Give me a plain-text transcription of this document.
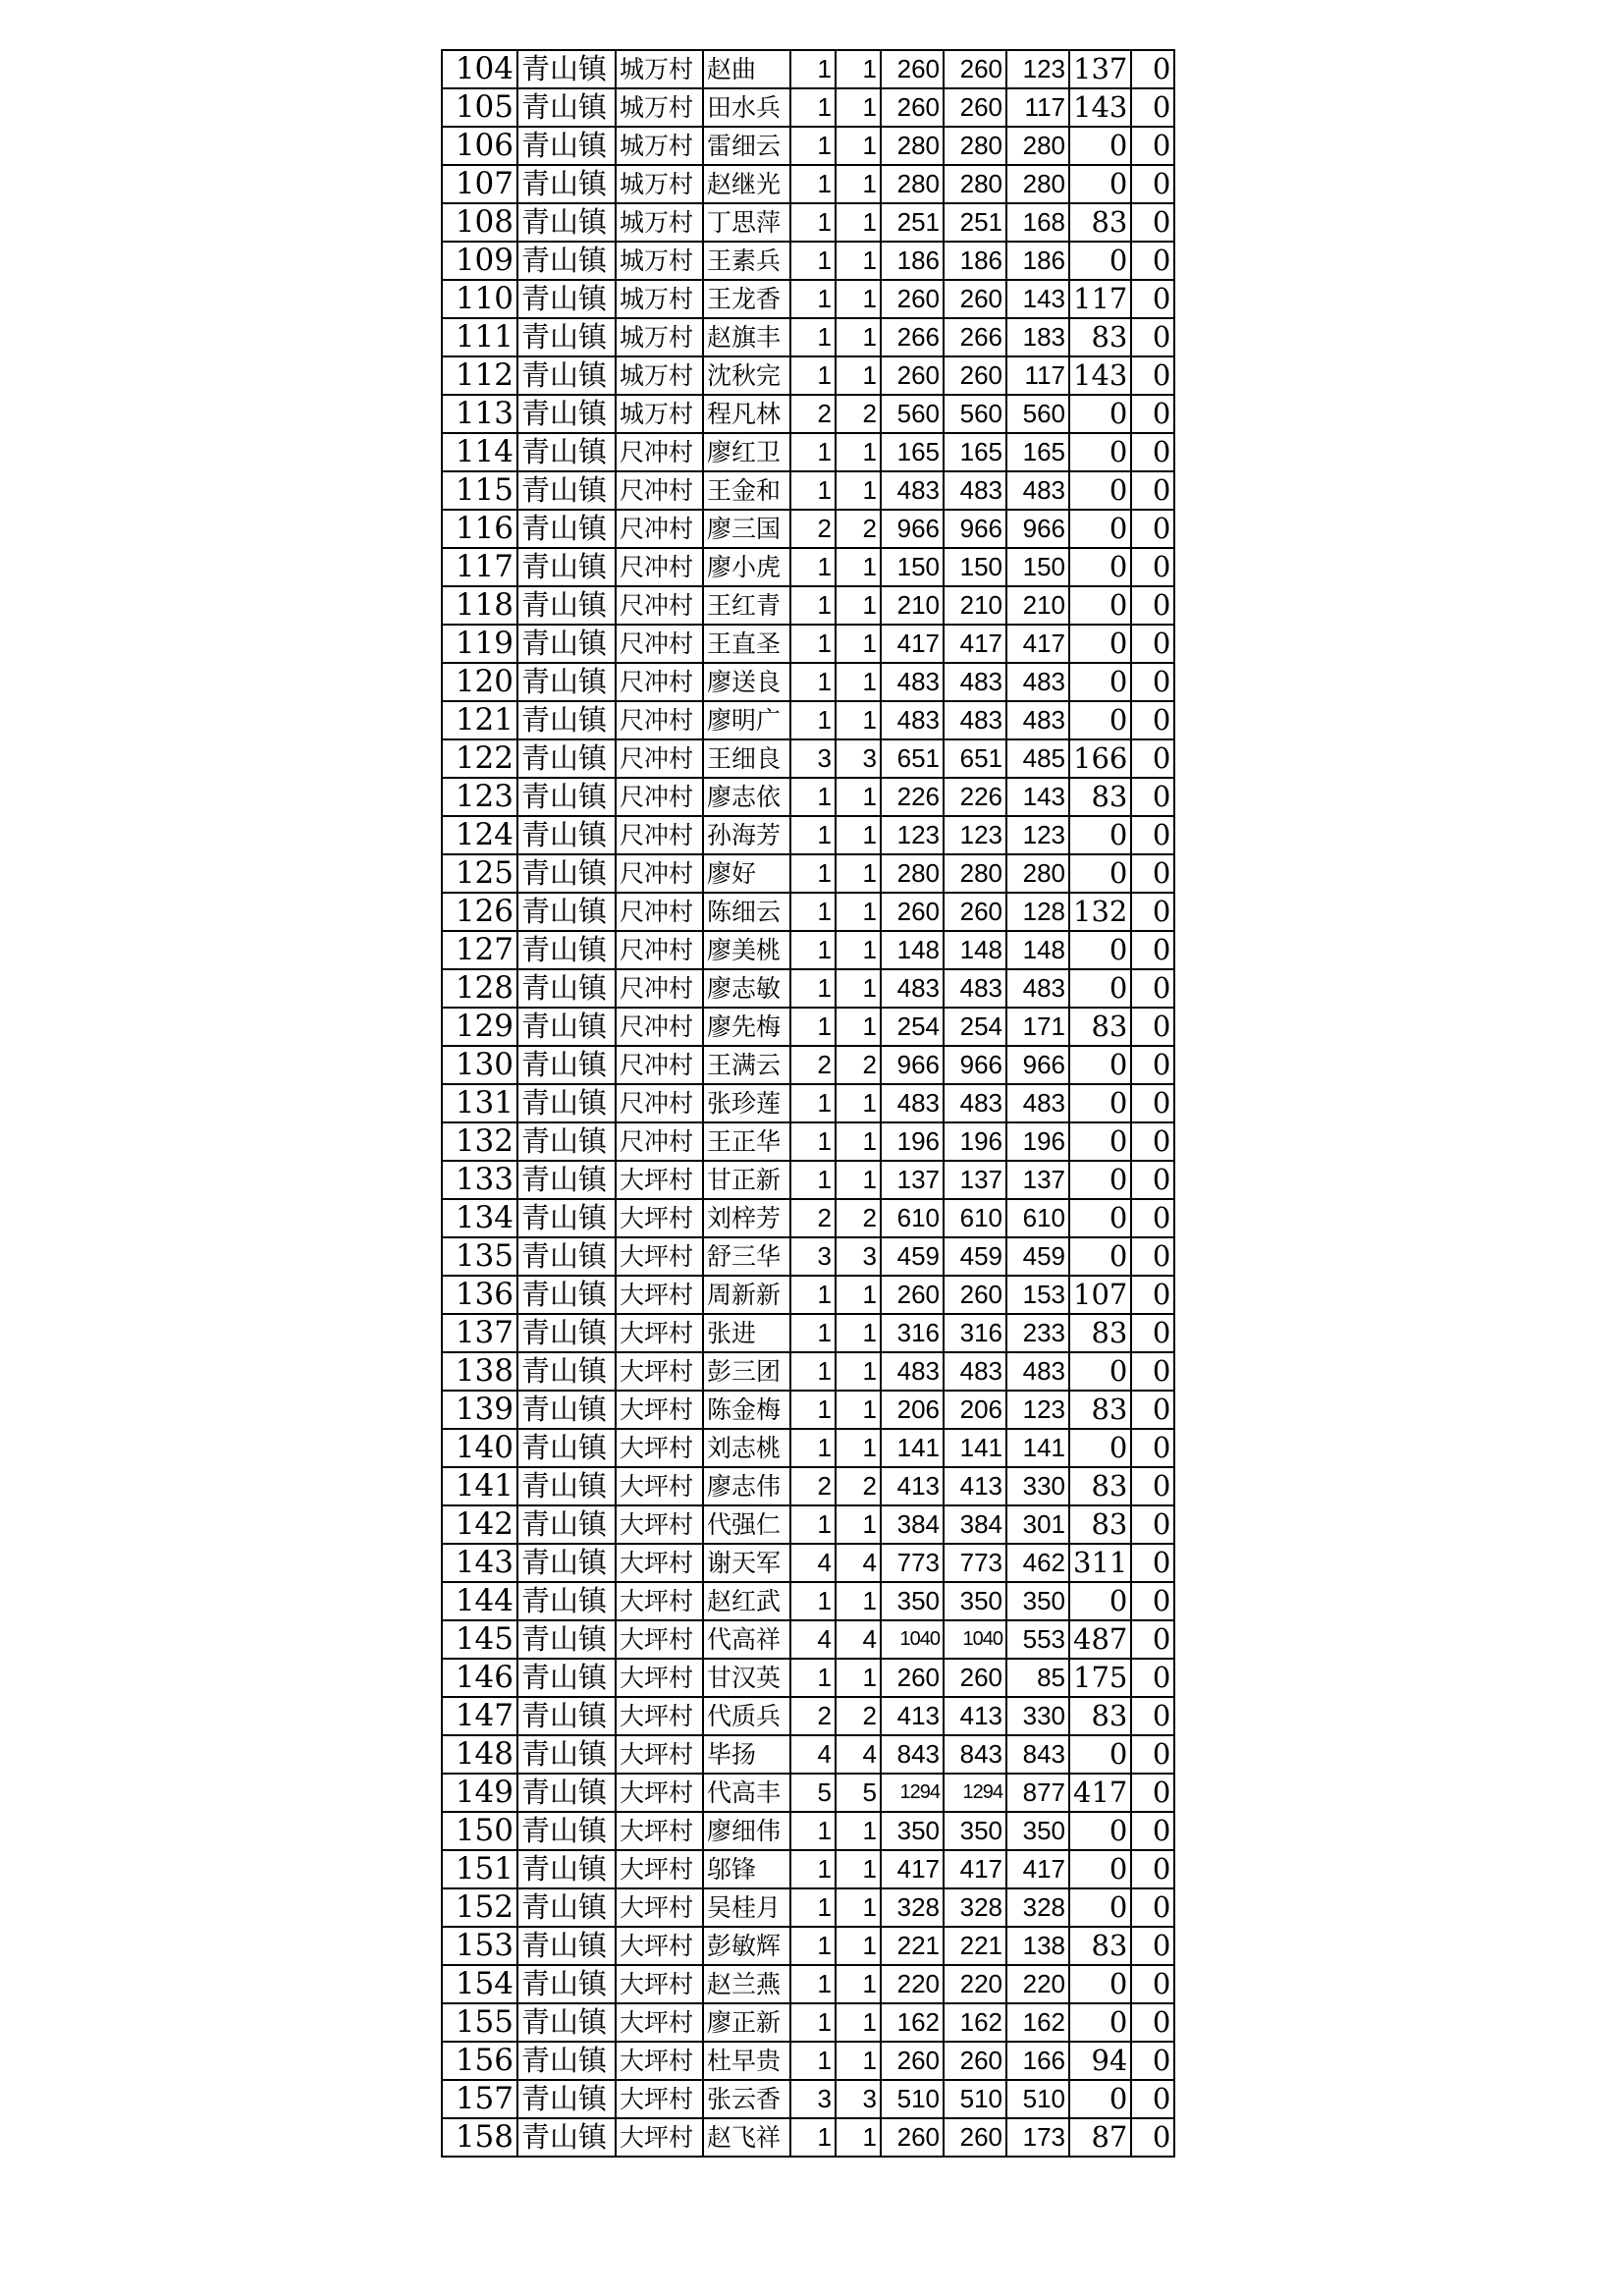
104	青山镇	城万村	赵曲	1	1	260	260	123	137	0
105	青山镇	城万村	田水兵	1	1	260	260	117	143	0
106	青山镇	城万村	雷细云	1	1	280	280	280	0	0
107	青山镇	城万村	赵继光	1	1	280	280	280	0	0
108	青山镇	城万村	丁思萍	1	1	251	251	168	83	0
109	青山镇	城万村	王素兵	1	1	186	186	186	0	0
110	青山镇	城万村	王龙香	1	1	260	260	143	117	0
111	青山镇	城万村	赵旗丰	1	1	266	266	183	83	0
112	青山镇	城万村	沈秋完	1	1	260	260	117	143	0
113	青山镇	城万村	程凡林	2	2	560	560	560	0	0
114	青山镇	尺冲村	廖红卫	1	1	165	165	165	0	0
115	青山镇	尺冲村	王金和	1	1	483	483	483	0	0
116	青山镇	尺冲村	廖三国	2	2	966	966	966	0	0
117	青山镇	尺冲村	廖小虎	1	1	150	150	150	0	0
118	青山镇	尺冲村	王红青	1	1	210	210	210	0	0
119	青山镇	尺冲村	王直圣	1	1	417	417	417	0	0
120	青山镇	尺冲村	廖送良	1	1	483	483	483	0	0
121	青山镇	尺冲村	廖明广	1	1	483	483	483	0	0
122	青山镇	尺冲村	王细良	3	3	651	651	485	166	0
123	青山镇	尺冲村	廖志依	1	1	226	226	143	83	0
124	青山镇	尺冲村	孙海芳	1	1	123	123	123	0	0
125	青山镇	尺冲村	廖好	1	1	280	280	280	0	0
126	青山镇	尺冲村	陈细云	1	1	260	260	128	132	0
127	青山镇	尺冲村	廖美桃	1	1	148	148	148	0	0
128	青山镇	尺冲村	廖志敏	1	1	483	483	483	0	0
129	青山镇	尺冲村	廖先梅	1	1	254	254	171	83	0
130	青山镇	尺冲村	王满云	2	2	966	966	966	0	0
131	青山镇	尺冲村	张珍莲	1	1	483	483	483	0	0
132	青山镇	尺冲村	王正华	1	1	196	196	196	0	0
133	青山镇	大坪村	甘正新	1	1	137	137	137	0	0
134	青山镇	大坪村	刘梓芳	2	2	610	610	610	0	0
135	青山镇	大坪村	舒三华	3	3	459	459	459	0	0
136	青山镇	大坪村	周新新	1	1	260	260	153	107	0
137	青山镇	大坪村	张进	1	1	316	316	233	83	0
138	青山镇	大坪村	彭三团	1	1	483	483	483	0	0
139	青山镇	大坪村	陈金梅	1	1	206	206	123	83	0
140	青山镇	大坪村	刘志桃	1	1	141	141	141	0	0
141	青山镇	大坪村	廖志伟	2	2	413	413	330	83	0
142	青山镇	大坪村	代强仁	1	1	384	384	301	83	0
143	青山镇	大坪村	谢天军	4	4	773	773	462	311	0
144	青山镇	大坪村	赵红武	1	1	350	350	350	0	0
145	青山镇	大坪村	代高祥	4	4	1040	1040	553	487	0
146	青山镇	大坪村	甘汉英	1	1	260	260	85	175	0
147	青山镇	大坪村	代质兵	2	2	413	413	330	83	0
148	青山镇	大坪村	毕扬	4	4	843	843	843	0	0
149	青山镇	大坪村	代高丰	5	5	1294	1294	877	417	0
150	青山镇	大坪村	廖细伟	1	1	350	350	350	0	0
151	青山镇	大坪村	邬锋	1	1	417	417	417	0	0
152	青山镇	大坪村	吴桂月	1	1	328	328	328	0	0
153	青山镇	大坪村	彭敏辉	1	1	221	221	138	83	0
154	青山镇	大坪村	赵兰燕	1	1	220	220	220	0	0
155	青山镇	大坪村	廖正新	1	1	162	162	162	0	0
156	青山镇	大坪村	杜早贵	1	1	260	260	166	94	0
157	青山镇	大坪村	张云香	3	3	510	510	510	0	0
158	青山镇	大坪村	赵飞祥	1	1	260	260	173	87	0
